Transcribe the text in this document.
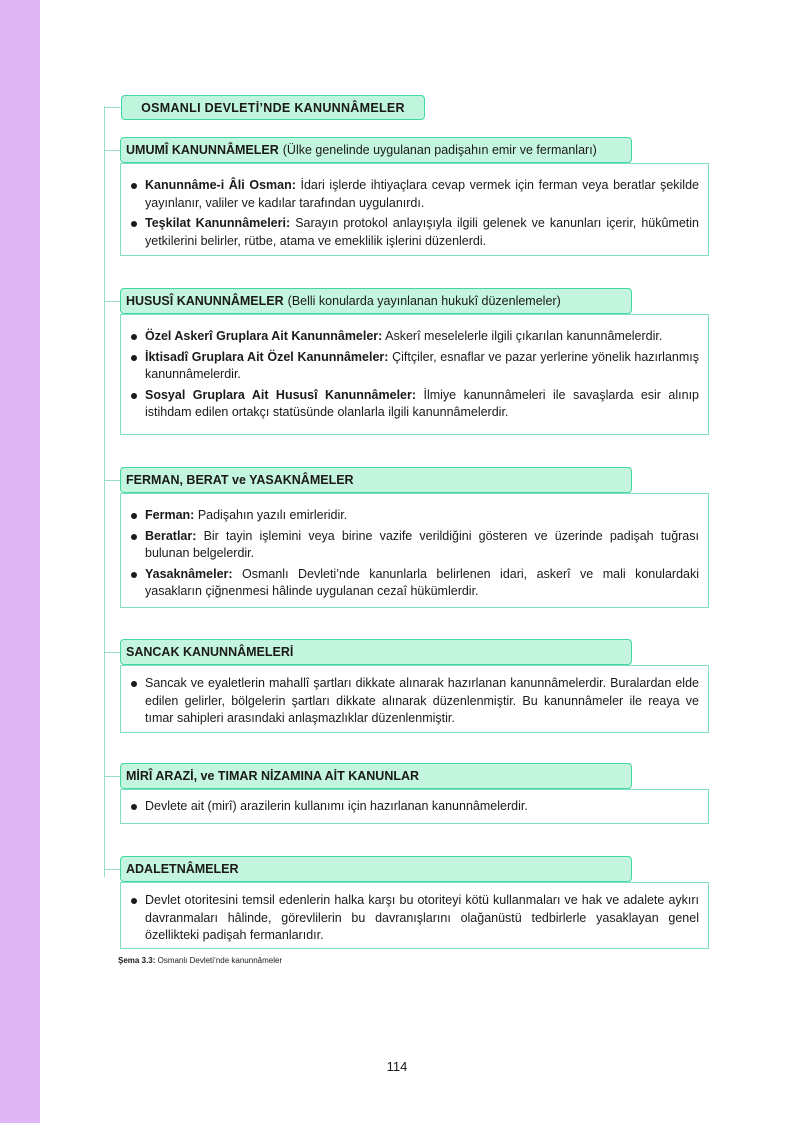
OSMANLI DEVLETİ’NDE KANUNNÂMELER
UMUMÎ KANUNNÂMELER (Ülke genelinde uygulanan padişahın emir ve fermanları)
Kanunnâme-i Âli Osman: İdari işlerde ihtiyaçlara cevap vermek için ferman veya beratlar şekilde yayınlanır, valiler ve kadılar tarafından uygulanırdı.
Teşkilat Kanunnâmeleri: Sarayın protokol anlayışıyla ilgili gelenek ve kanunları içerir, hükûmetin yetkilerini belirler, rütbe, atama ve emeklilik işlerini düzenlerdi.
HUSUSÎ KANUNNÂMELER (Belli konularda yayınlanan hukukî düzenlemeler)
Özel Askerî Gruplara Ait Kanunnâmeler: Askerî meselelerle ilgili çıkarılan kanunnâmelerdir.
İktisadî Gruplara Ait Özel Kanunnâmeler: Çiftçiler, esnaflar ve pazar yerlerine yönelik hazırlanmış kanunnâmelerdir.
Sosyal Gruplara Ait Hususî Kanunnâmeler: İlmiye kanunnâmeleri ile savaşlarda esir alınıp istihdam edilen ortakçı statüsünde olanlarla ilgili kanunnâmelerdir.
FERMAN, BERAT ve YASAKNÂMELER
Ferman: Padişahın yazılı emirleridir.
Beratlar: Bir tayin işlemini veya birine vazife verildiğini gösteren ve üzerinde padişah tuğrası bulunan belgelerdir.
Yasaknâmeler: Osmanlı Devleti’nde kanunlarla belirlenen idari, askerî ve mali konulardaki yasakların çiğnenmesi hâlinde uygulanan cezaî hükümlerdir.
SANCAK KANUNNÂMELERİ
Sancak ve eyaletlerin mahallî şartları dikkate alınarak hazırlanan kanunnâmelerdir. Buralardan elde edilen gelirler, bölgelerin şartları dikkate alınarak düzenlenmiştir. Bu kanunnâmeler ile reaya ve tımar sahipleri arasındaki anlaşmazlıklar düzenlenmiştir.
MİRÎ ARAZİ, ve TIMAR NİZAMINA AİT KANUNLAR
Devlete ait (mirî) arazilerin kullanımı için hazırlanan kanunnâmelerdir.
ADALETNÂMELER
Devlet otoritesini temsil edenlerin halka karşı bu otoriteyi kötü kullanmaları ve hak ve adalete aykırı davranmaları hâlinde, görevlilerin bu davranışlarını olağanüstü tedbirlerle yasaklayan genel özellikteki padişah fermanlarıdır.
Şema 3.3: Osmanlı Devleti’nde kanunnâmeler
114
